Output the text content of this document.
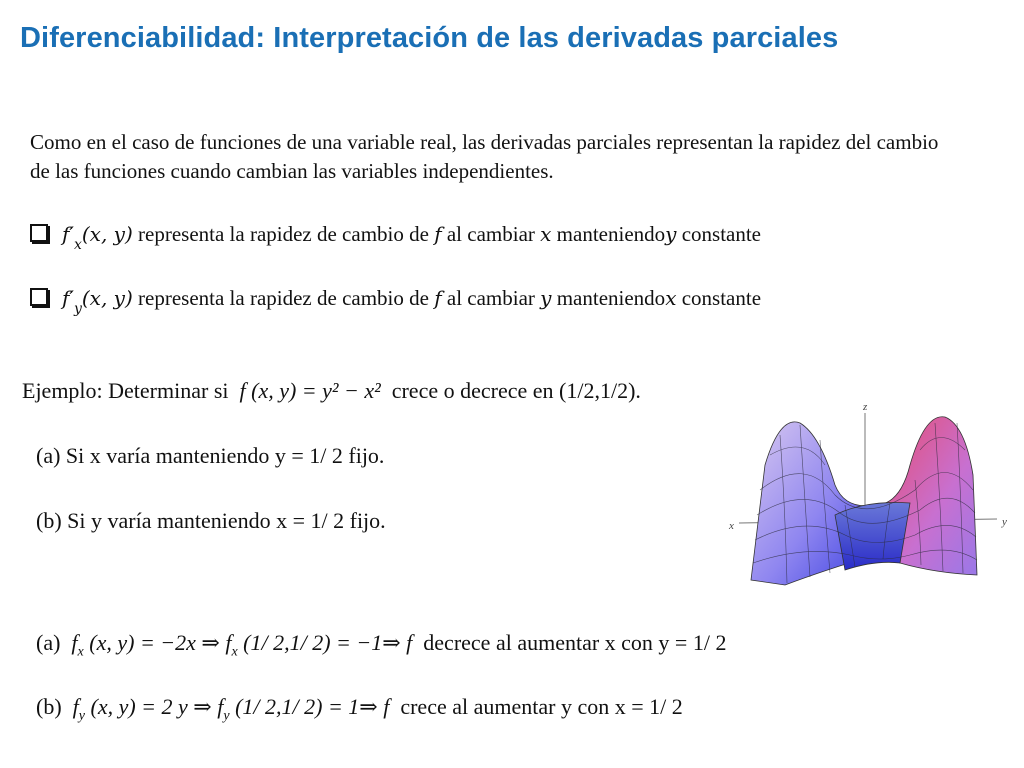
Diferenciabilidad: Interpretación de las derivadas parciales
Como en el caso de funciones de una variable real, las derivadas parciales representan la rapidez del cambio de las funciones cuando cambian las variables independientes.
f′ x (x, y)
representa la rapidez de cambio de
f
al cambiar
x
manteniendo y
constante
f′ y (x, y)
representa la rapidez de cambio de
f
al cambiar
y
manteniendo x
constante
Ejemplo: Determinar si f (x, y) = y² − x² crece o decrece en (1/2,1/2).
(a) Si x varía manteniendo y = 1/ 2 fijo.
(b) Si y varía manteniendo x = 1/ 2 fijo.
(a) $f_x$ (x, y) = −2x ⇒ $f_x$ (1/ 2,1/ 2) = −1⇒ f decrece al aumentar x con y = 1/ 2
(b) $f_y$ (x, y) = 2 y ⇒ $f_y$ (1/ 2,1/ 2) = 1⇒ f crece al aumentar y con x = 1/ 2
z
x	y
